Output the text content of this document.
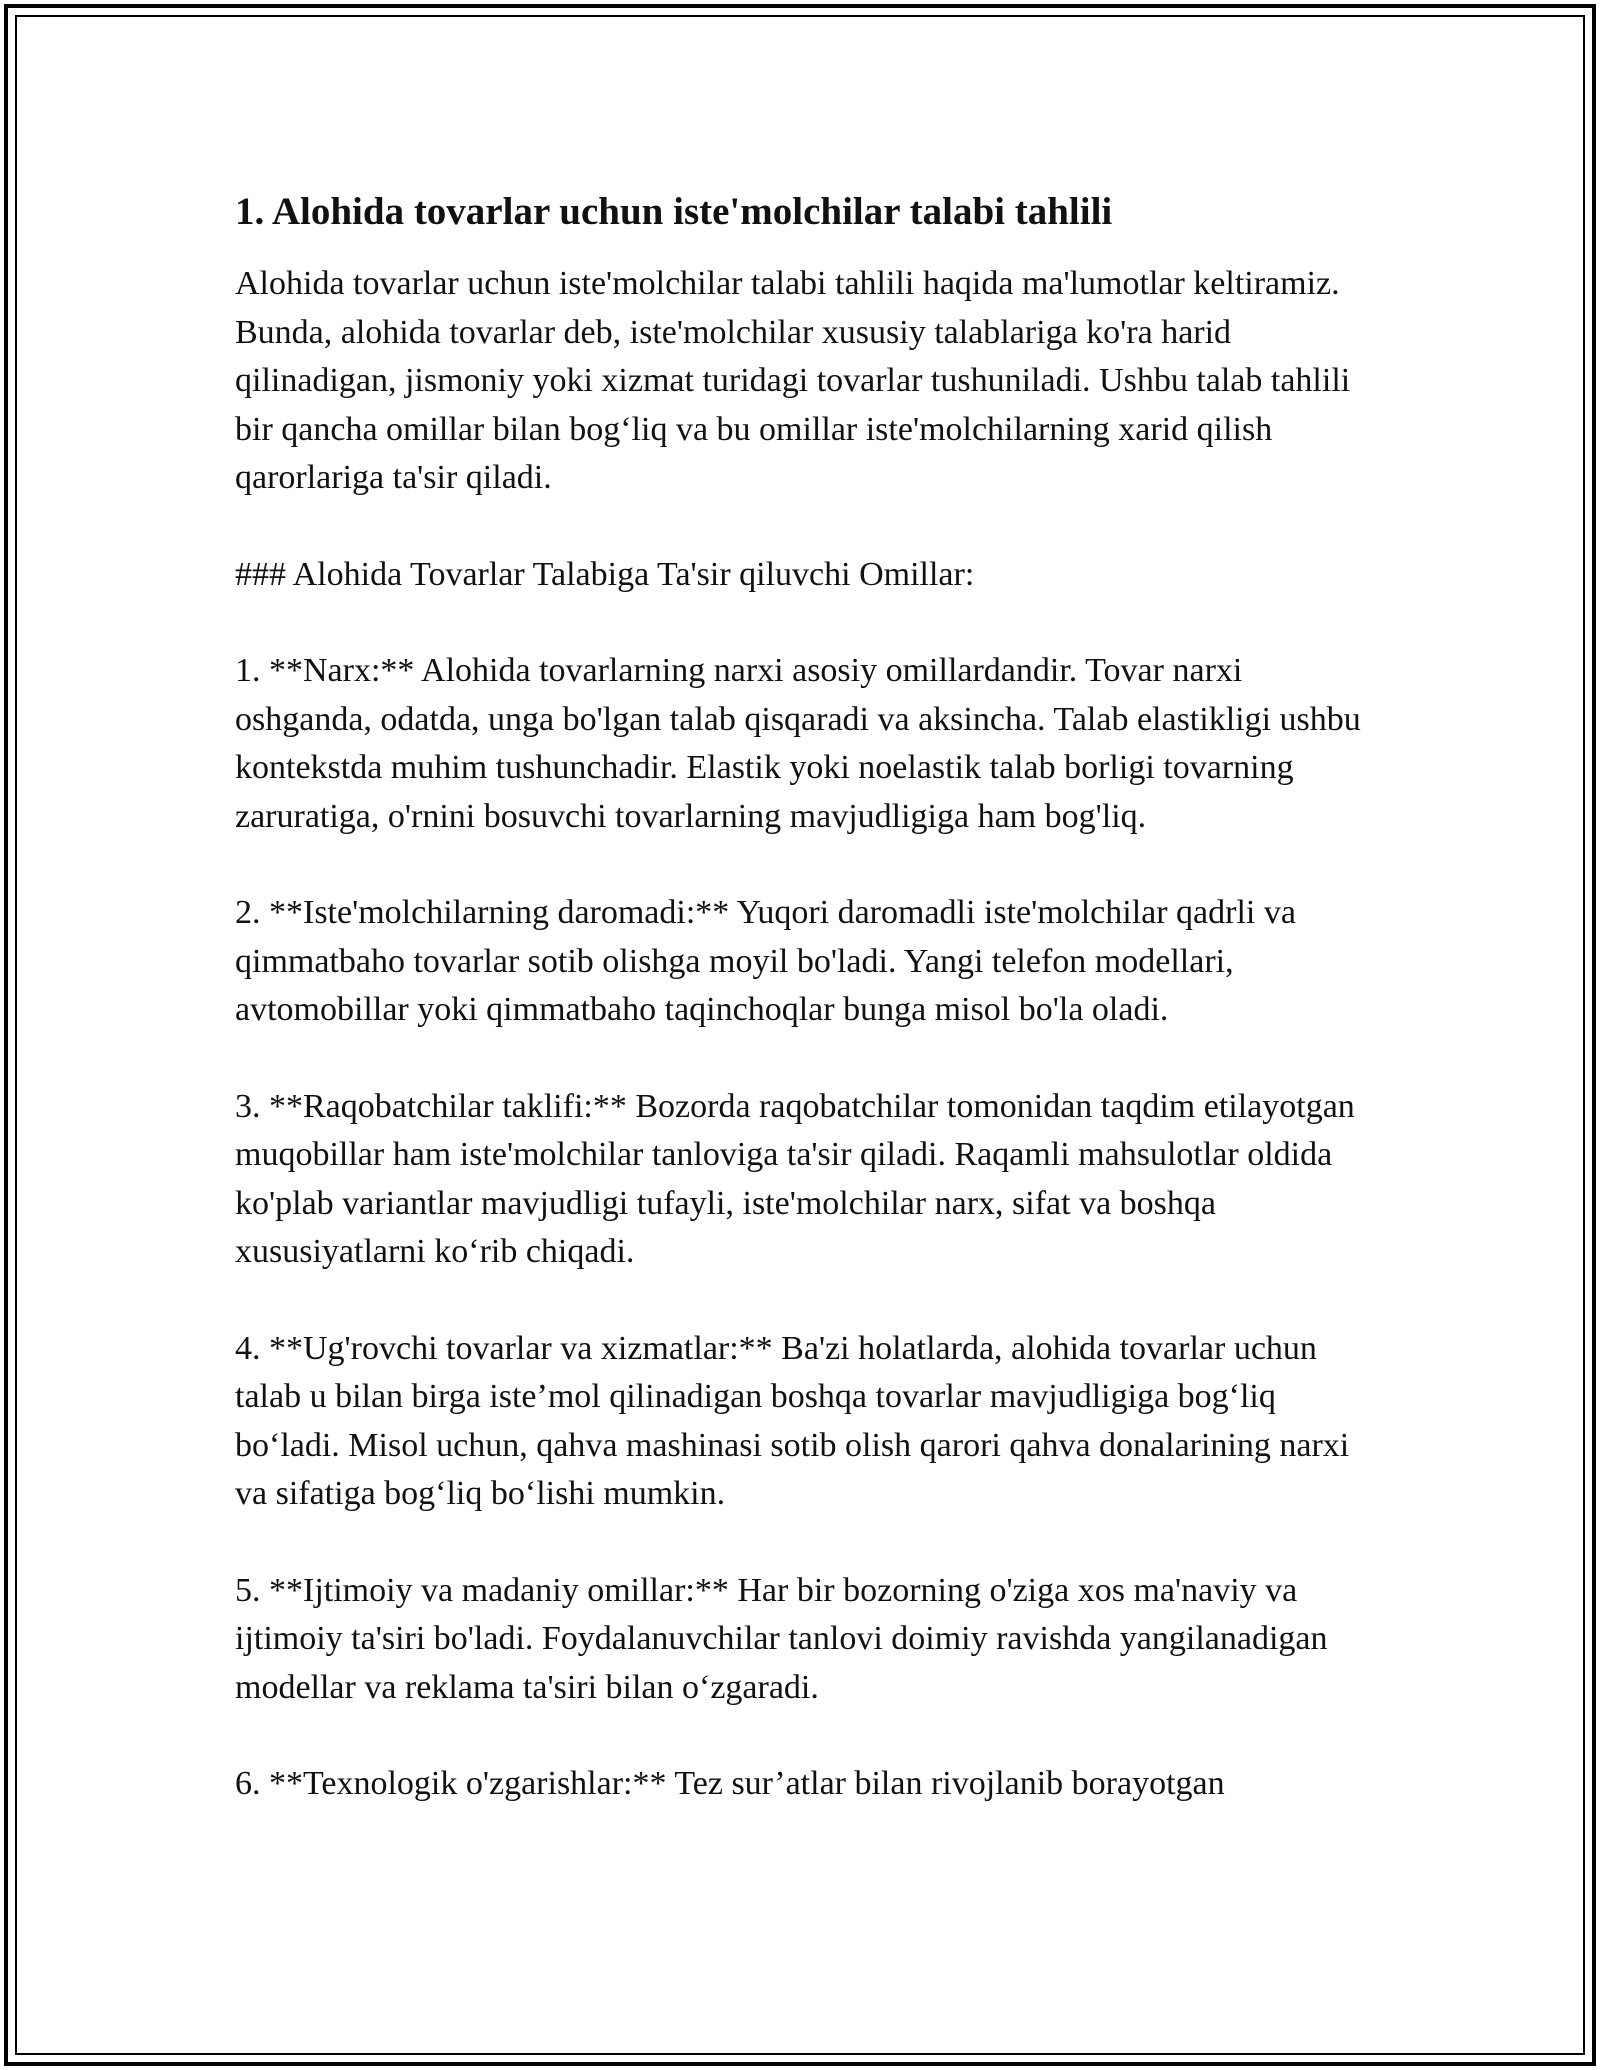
1. Alohida tovarlar uchun iste'molchilar talabi tahlili

Alohida tovarlar uchun iste'molchilar talabi tahlili haqida ma'lumotlar keltiramiz. Bunda, alohida tovarlar deb, iste'molchilar xususiy talablariga ko'ra harid qilinadigan, jismoniy yoki xizmat turidagi tovarlar tushuniladi. Ushbu talab tahlili bir qancha omillar bilan bog‘liq va bu omillar iste'molchilarning xarid qilish qarorlariga ta'sir qiladi.

### Alohida Tovarlar Talabiga Ta'sir qiluvchi Omillar:

1. **Narx:** Alohida tovarlarning narxi asosiy omillardandir. Tovar narxi oshganda, odatda, unga bo'lgan talab qisqaradi va aksincha. Talab elastikligi ushbu kontekstda muhim tushunchadir. Elastik yoki noelastik talab borligi tovarning zaruratiga, o'rnini bosuvchi tovarlarning mavjudligiga ham bog'liq.

2. **Iste'molchilarning daromadi:** Yuqori daromadli iste'molchilar qadrli va qimmatbaho tovarlar sotib olishga moyil bo'ladi. Yangi telefon modellari, avtomobillar yoki qimmatbaho taqinchoqlar bunga misol bo'la oladi.

3. **Raqobatchilar taklifi:** Bozorda raqobatchilar tomonidan taqdim etilayotgan muqobillar ham iste'molchilar tanloviga ta'sir qiladi. Raqamli mahsulotlar oldida ko'plab variantlar mavjudligi tufayli, iste'molchilar narx, sifat va boshqa xususiyatlarni ko‘rib chiqadi.

4. **Ug'rovchi tovarlar va xizmatlar:** Ba'zi holatlarda, alohida tovarlar uchun talab u bilan birga iste’mol qilinadigan boshqa tovarlar mavjudligiga bog‘liq bo‘ladi. Misol uchun, qahva mashinasi sotib olish qarori qahva donalarining narxi va sifatiga bog‘liq bo‘lishi mumkin.

5. **Ijtimoiy va madaniy omillar:** Har bir bozorning o'ziga xos ma'naviy va ijtimoiy ta'siri bo'ladi. Foydalanuvchilar tanlovi doimiy ravishda yangilanadigan modellar va reklama ta'siri bilan o‘zgaradi.

6. **Texnologik o'zgarishlar:** Tez sur’atlar bilan rivojlanib borayotgan
